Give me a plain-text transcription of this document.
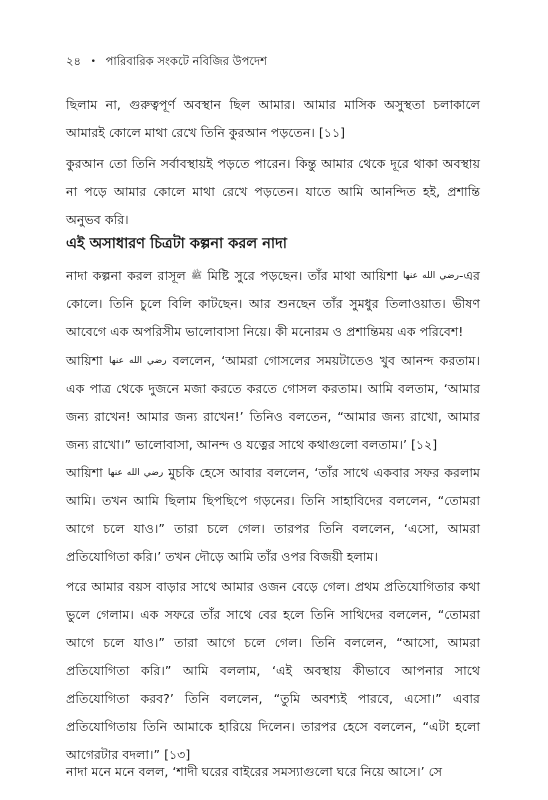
২৪ • পারিবারিক সংকটে নবিজির উপদেশ

ছিলাম না, গুরুত্বপূর্ণ অবস্থান ছিল আমার। আমার মাসিক অসুস্থতা চলাকালে আমারই কোলে মাথা রেখে তিনি কুরআন পড়তেন। [১১]

কুরআন তো তিনি সর্বাবস্থায়ই পড়তে পারেন। কিন্তু আমার থেকে দূরে থাকা অবস্থায় না পড়ে আমার কোলে মাথা রেখে পড়তেন। যাতে আমি আনন্দিত হই, প্রশান্তি অনুভব করি।

এই অসাধারণ চিত্রটা কল্পনা করল নাদা

নাদা কল্পনা করল রাসূল ﷺ মিষ্টি সুরে পড়ছেন। তাঁর মাথা আয়িশা رضي الله عنها-এর কোলে। তিনি চুলে বিলি কাটছেন। আর শুনছেন তাঁর সুমধুর তিলাওয়াত। ভীষণ আবেগে এক অপরিসীম ভালোবাসা নিয়ে। কী মনোরম ও প্রশান্তিময় এক পরিবেশ!

আয়িশা رضي الله عنها বললেন, ‘আমরা গোসলের সময়টাতেও খুব আনন্দ করতাম। এক পাত্র থেকে দুজনে মজা করতে করতে গোসল করতাম। আমি বলতাম, ‘আমার জন্য রাখেন! আমার জন্য রাখেন!’ তিনিও বলতেন, “আমার জন্য রাখো, আমার জন্য রাখো।” ভালোবাসা, আনন্দ ও যত্নের সাথে কথাগুলো বলতাম।’ [১২]

আয়িশা رضي الله عنها মুচকি হেসে আবার বললেন, ‘তাঁর সাথে একবার সফর করলাম আমি। তখন আমি ছিলাম ছিপছিপে গড়নের। তিনি সাহাবিদের বললেন, “তোমরা আগে চলে যাও।” তারা চলে গেল। তারপর তিনি বললেন, ‘এসো, আমরা প্রতিযোগিতা করি।’ তখন দৌড়ে আমি তাঁর ওপর বিজয়ী হলাম।

পরে আমার বয়স বাড়ার সাথে আমার ওজন বেড়ে গেল। প্রথম প্রতিযোগিতার কথা ভুলে গেলাম। এক সফরে তাঁর সাথে বের হলে তিনি সাথিদের বললেন, “তোমরা আগে চলে যাও।” তারা আগে চলে গেল। তিনি বললেন, “আসো, আমরা প্রতিযোগিতা করি।” আমি বললাম, ‘এই অবস্থায় কীভাবে আপনার সাথে প্রতিযোগিতা করব?’ তিনি বললেন, “তুমি অবশ্যই পারবে, এসো।” এবার প্রতিযোগিতায় তিনি আমাকে হারিয়ে দিলেন। তারপর হেসে বললেন, “এটা হলো আগেরটার বদলা।” [১৩]

নাদা মনে মনে বলল, ‘শাদী ঘরের বাইরের সমস্যাগুলো ঘরে নিয়ে আসে।’ সে
